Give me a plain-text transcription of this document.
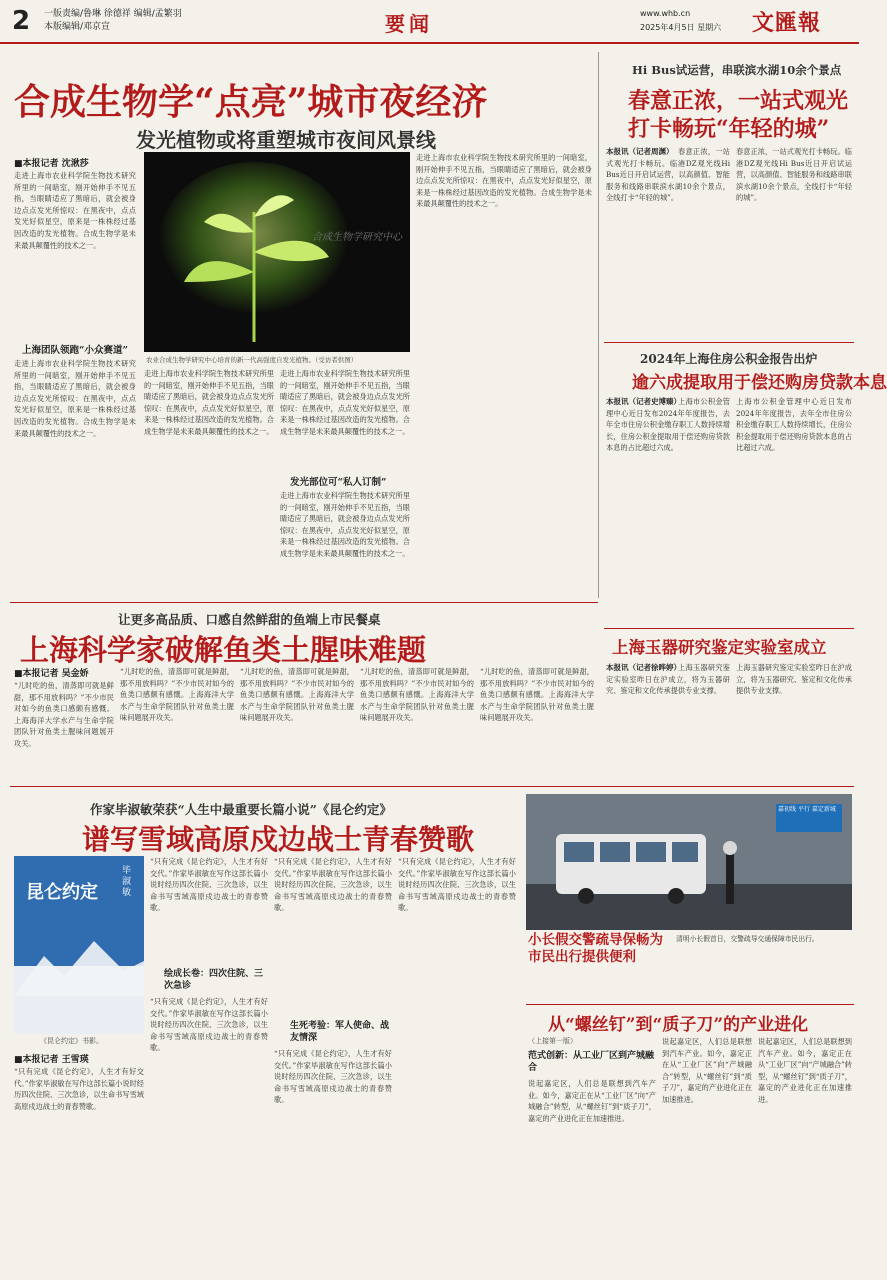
2 一版责编/鲁琳 徐德祥 编辑/孟繁羽
本版编辑/邓京宣	要闻	www.whb.cn
2025年4月5日 星期六 文匯報
合成生物学“点亮”城市夜经济
发光植物或将重塑城市夜间风景线
■本报记者 沈湫莎
走进上海市农业科学院生物技术研究所里的一间暗室，刚开始伸手不见五指，当眼睛适应了黑暗后，就会被身边点点发光所惊叹：在黑夜中，点点发光好似星空，原来是一株株经过基因改造的发光植物。合成生物学是未来最具颠覆性的技术之一。
上海团队领跑“小众赛道”
走进上海市农业科学院生物技术研究所里的一间暗室，刚开始伸手不见五指，当眼睛适应了黑暗后，就会被身边点点发光所惊叹：在黑夜中，点点发光好似星空，原来是一株株经过基因改造的发光植物。合成生物学是未来最具颠覆性的技术之一。
合成生物学研究中心
农业合成生物学研究中心培育的新一代高强度自发光植物。（受访者供图）
走进上海市农业科学院生物技术研究所里的一间暗室，刚开始伸手不见五指，当眼睛适应了黑暗后，就会被身边点点发光所惊叹：在黑夜中，点点发光好似星空，原来是一株株经过基因改造的发光植物。合成生物学是未来最具颠覆性的技术之一。
走进上海市农业科学院生物技术研究所里的一间暗室，刚开始伸手不见五指，当眼睛适应了黑暗后，就会被身边点点发光所惊叹：在黑夜中，点点发光好似星空，原来是一株株经过基因改造的发光植物。合成生物学是未来最具颠覆性的技术之一。
发光部位可“私人订制”
走进上海市农业科学院生物技术研究所里的一间暗室，刚开始伸手不见五指，当眼睛适应了黑暗后，就会被身边点点发光所惊叹：在黑夜中，点点发光好似星空，原来是一株株经过基因改造的发光植物。合成生物学是未来最具颠覆性的技术之一。
走进上海市农业科学院生物技术研究所里的一间暗室，刚开始伸手不见五指，当眼睛适应了黑暗后，就会被身边点点发光所惊叹：在黑夜中，点点发光好似星空，原来是一株株经过基因改造的发光植物。合成生物学是未来最具颠覆性的技术之一。
Hi Bus试运营，串联滨水湖10余个景点
春意正浓，一站式观光
打卡畅玩“年轻的城”
本报讯（记者周渊） 春意正浓，一站式观光打卡畅玩。临港DZ观光线Hi Bus近日开启试运营，以高颜值、智能服务和线路串联滨水湖10余个景点，全线打卡“年轻的城”。
春意正浓，一站式观光打卡畅玩。临港DZ观光线Hi Bus近日开启试运营，以高颜值、智能服务和线路串联滨水湖10余个景点，全线打卡“年轻的城”。
2024年上海住房公积金报告出炉
逾六成提取用于偿还购房贷款本息
本报讯（记者史博臻）
上海市公积金管理中心近日发布2024年年度报告，去年全市住房公积金缴存职工人数持续增长，住房公积金提取用于偿还购房贷款本息的占比超过六成。
上海市公积金管理中心近日发布2024年年度报告，去年全市住房公积金缴存职工人数持续增长，住房公积金提取用于偿还购房贷款本息的占比超过六成。
让更多高品质、口感自然鲜甜的鱼端上市民餐桌
上海科学家破解鱼类土腥味难题
■本报记者 吴金娇
“儿时吃的鱼，清蒸即可就是鲜甜，那不用放料吗？”不少市民对如今的鱼类口感颇有感慨。上海海洋大学水产与生命学院团队针对鱼类土腥味问题展开攻关。
“儿时吃的鱼，清蒸即可就是鲜甜，那不用放料吗？”不少市民对如今的鱼类口感颇有感慨。上海海洋大学水产与生命学院团队针对鱼类土腥味问题展开攻关。
“儿时吃的鱼，清蒸即可就是鲜甜，那不用放料吗？”不少市民对如今的鱼类口感颇有感慨。上海海洋大学水产与生命学院团队针对鱼类土腥味问题展开攻关。
“儿时吃的鱼，清蒸即可就是鲜甜，那不用放料吗？”不少市民对如今的鱼类口感颇有感慨。上海海洋大学水产与生命学院团队针对鱼类土腥味问题展开攻关。
“儿时吃的鱼，清蒸即可就是鲜甜，那不用放料吗？”不少市民对如今的鱼类口感颇有感慨。上海海洋大学水产与生命学院团队针对鱼类土腥味问题展开攻关。
上海玉器研究鉴定实验室成立
本报讯（记者徐晔婷）
上海玉器研究鉴定实验室昨日在沪成立，将为玉器研究、鉴定和文化传承提供专业支撑。
上海玉器研究鉴定实验室昨日在沪成立，将为玉器研究、鉴定和文化传承提供专业支撑。
作家毕淑敏荣获“人生中最重要长篇小说”《昆仑约定》
谱写雪域高原戍边战士青春赞歌
昆仑约定
毕淑敏
《昆仑约定》书影。
■本报记者 王雪瑛
“只有完成《昆仑约定》，人生才有好交代。”作家毕淑敏在写作这部长篇小说时经历四次住院、三次急诊，以生命书写雪域高原戍边战士的青春赞歌。
“只有完成《昆仑约定》，人生才有好交代。”作家毕淑敏在写作这部长篇小说时经历四次住院、三次急诊，以生命书写雪域高原戍边战士的青春赞歌。
绘成长卷：四次住院、三次急诊
“只有完成《昆仑约定》，人生才有好交代。”作家毕淑敏在写作这部长篇小说时经历四次住院、三次急诊，以生命书写雪域高原戍边战士的青春赞歌。
“只有完成《昆仑约定》，人生才有好交代。”作家毕淑敏在写作这部长篇小说时经历四次住院、三次急诊，以生命书写雪域高原戍边战士的青春赞歌。
生死考验：军人使命、战友情深
“只有完成《昆仑约定》，人生才有好交代。”作家毕淑敏在写作这部长篇小说时经历四次住院、三次急诊，以生命书写雪域高原戍边战士的青春赞歌。
“只有完成《昆仑约定》，人生才有好交代。”作家毕淑敏在写作这部长篇小说时经历四次住院、三次急诊，以生命书写雪域高原戍边战士的青春赞歌。
嘉初线 平行 嘉定新城
小长假交警疏导保畅为市民出行提供便利
清明小长假首日，交警疏导交通保障市民出行。
从“螺丝钉”到“质子刀”的产业进化
（上接第一版）
范式创新：从工业厂区到产城融合
说起嘉定区，人们总是联想到汽车产业。如今，嘉定正在从“工业厂区”向“产城融合”转型，从“螺丝钉”到“质子刀”，嘉定的产业进化正在加速推进。
说起嘉定区，人们总是联想到汽车产业。如今，嘉定正在从“工业厂区”向“产城融合”转型，从“螺丝钉”到“质子刀”，嘉定的产业进化正在加速推进。
说起嘉定区，人们总是联想到汽车产业。如今，嘉定正在从“工业厂区”向“产城融合”转型，从“螺丝钉”到“质子刀”，嘉定的产业进化正在加速推进。
